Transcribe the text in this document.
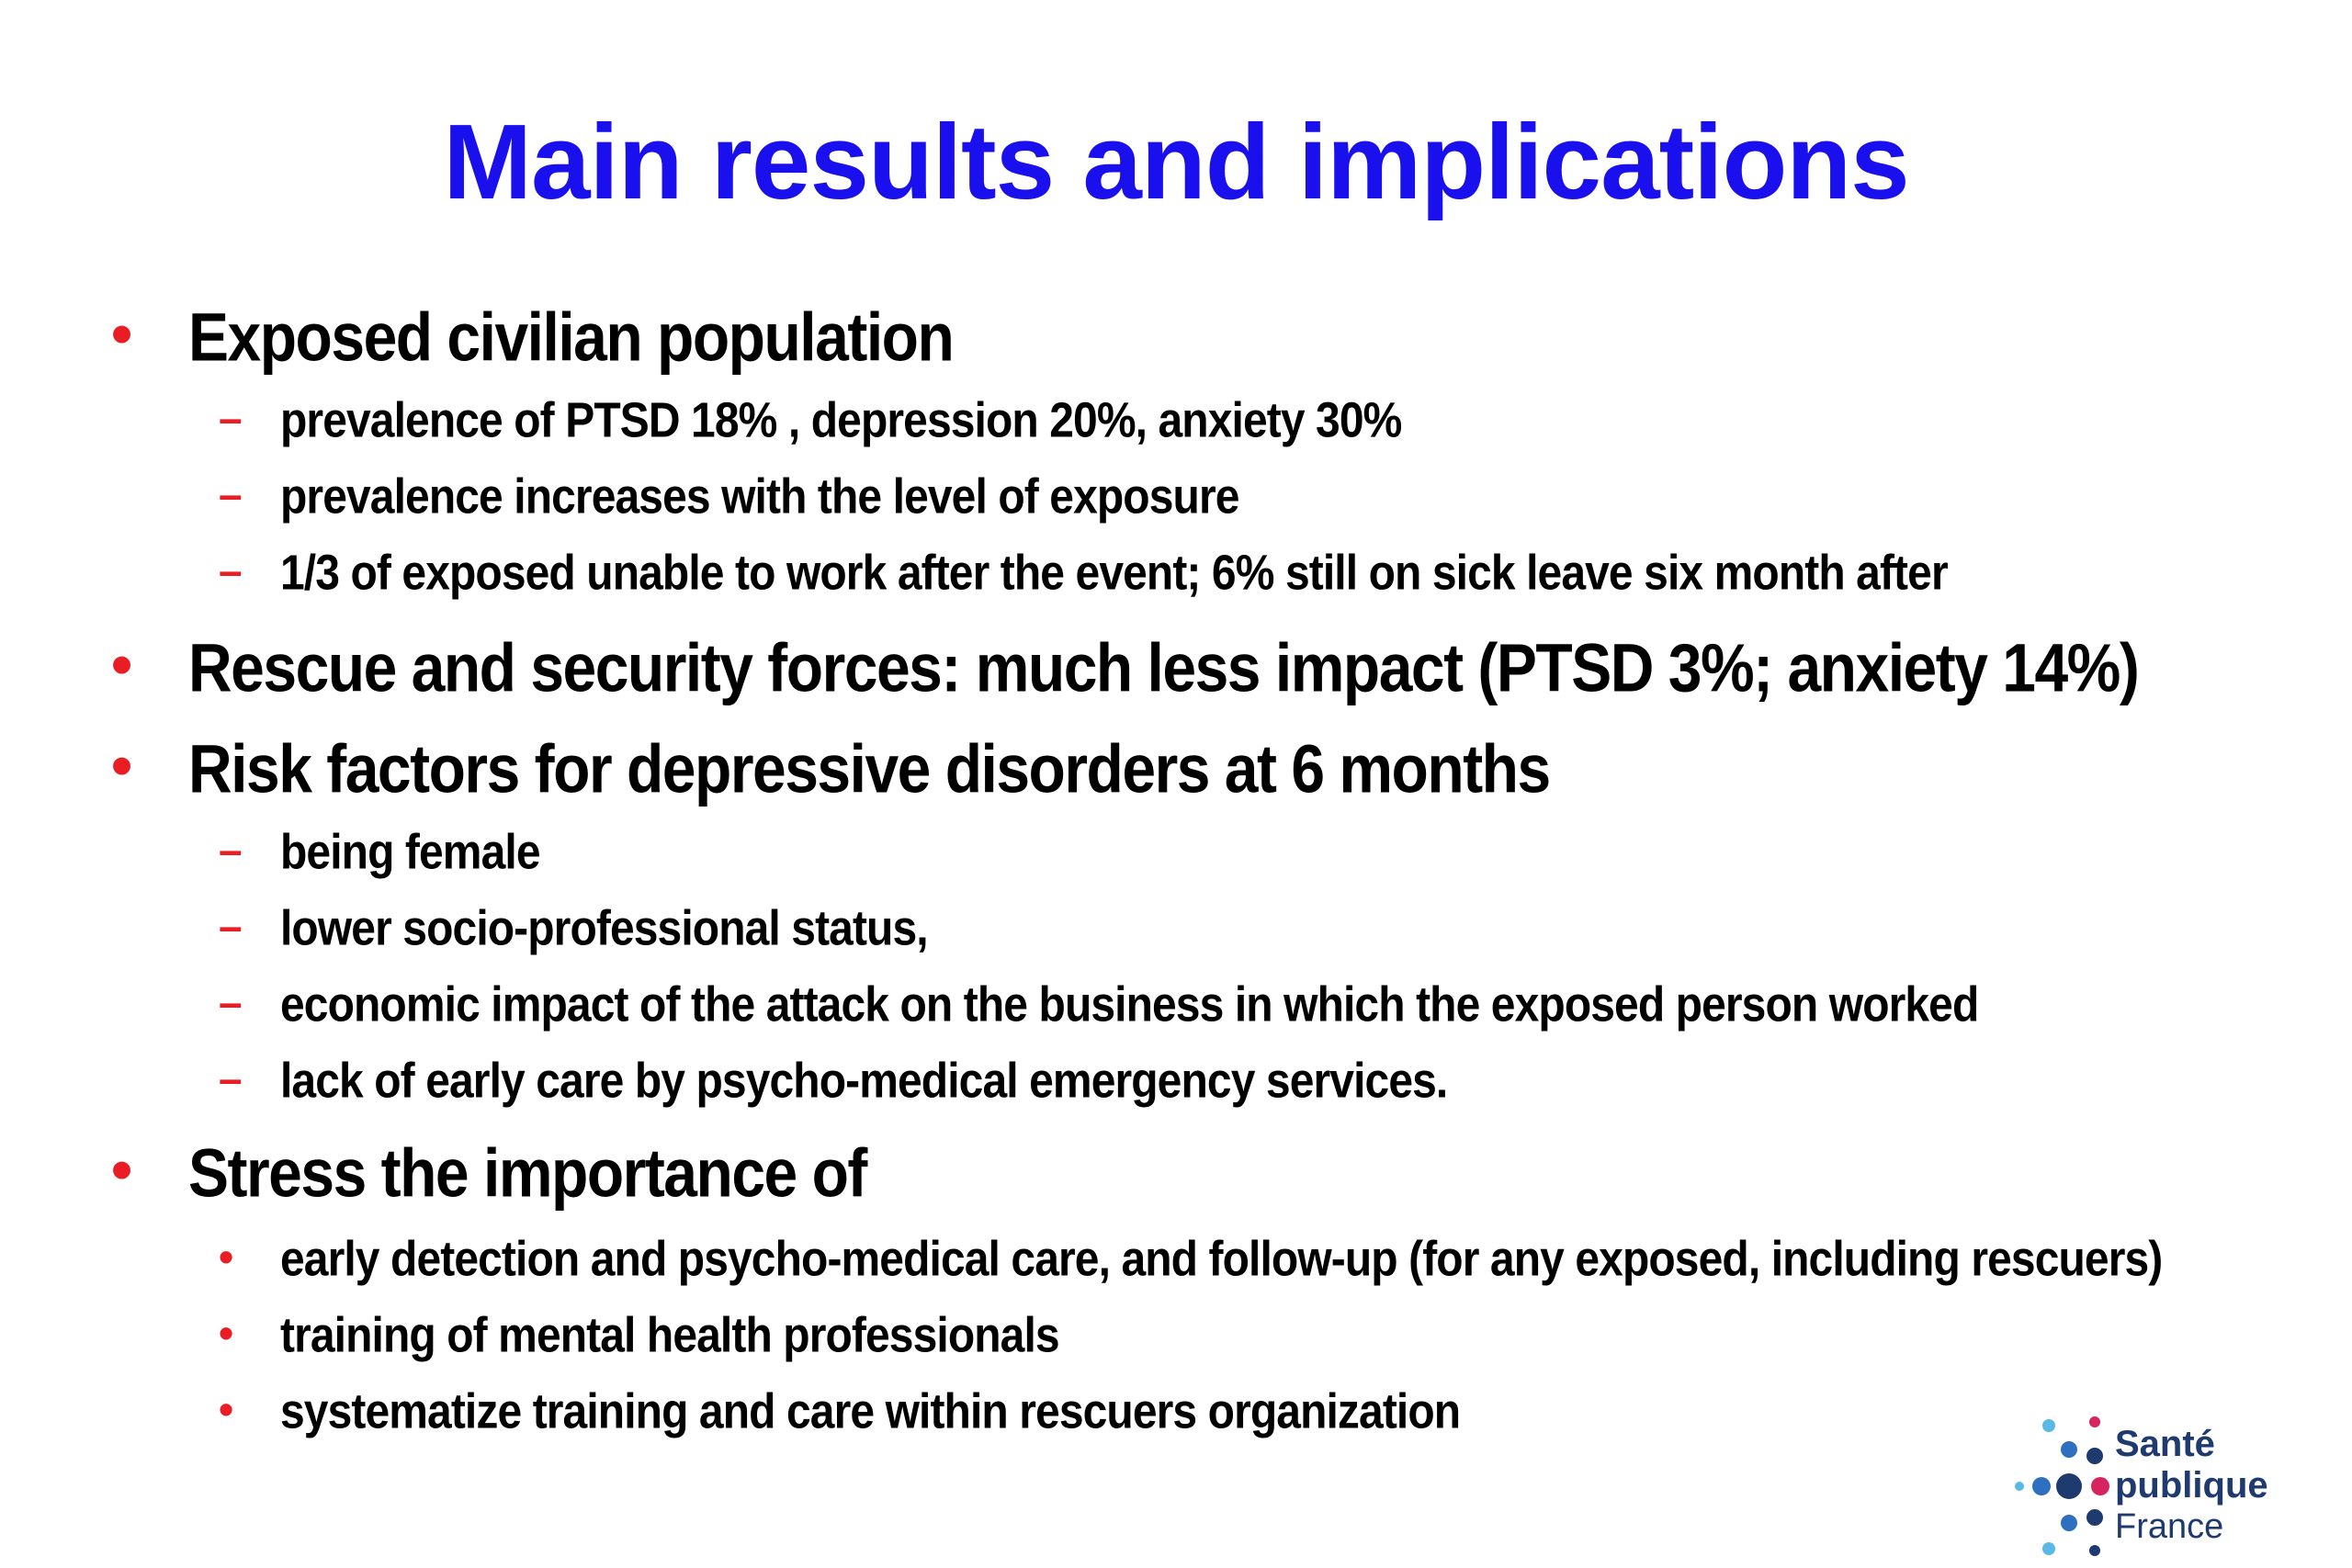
Main results and implications
• Exposed civilian population
– prevalence of PTSD 18% , depression 20%, anxiety 30%
– prevalence increases with the level of exposure
– 1/3 of exposed unable to work after the event; 6% still on sick leave six month after
• Rescue and security forces: much less impact (PTSD 3%; anxiety 14%)
• Risk factors for depressive disorders at 6 months
– being female
– lower socio-professional status,
– economic impact of the attack on the business in which the exposed person worked
– lack of early care by psycho-medical emergency services.
• Stress the importance of
• early detection and psycho-medical care, and follow-up (for any exposed, including rescuers)
• training of mental health professionals
• systematize training and care within rescuers organization
Santé
publique
France
